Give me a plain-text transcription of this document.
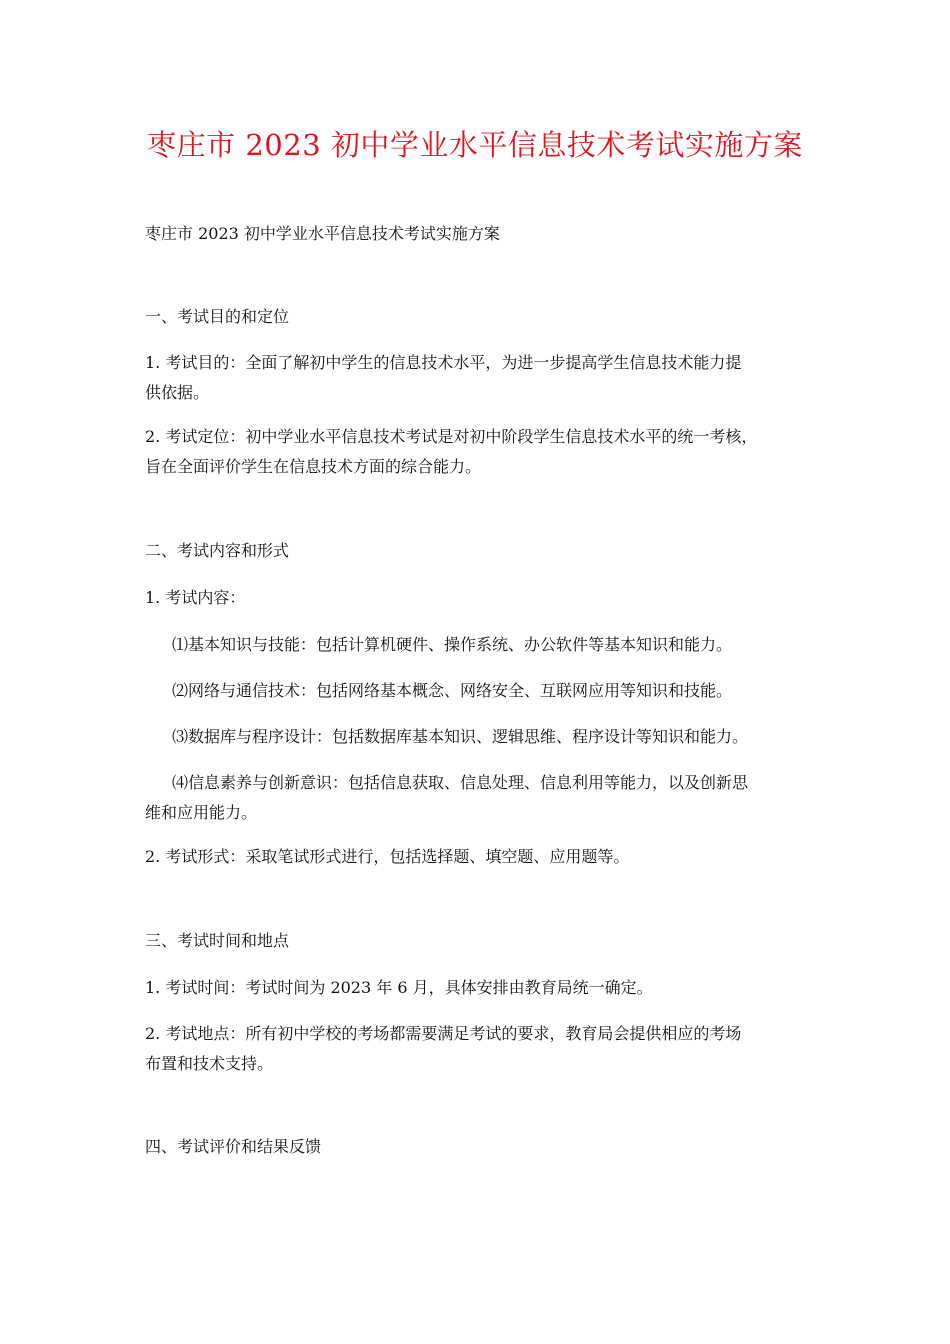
枣庄市 2023 初中学业水平信息技术考试实施方案
枣庄市 2023 初中学业水平信息技术考试实施方案
一、考试目的和定位
1. 考试目的：全面了解初中学生的信息技术水平，为进一步提高学生信息技术能力提
供依据。
2. 考试定位：初中学业水平信息技术考试是对初中阶段学生信息技术水平的统一考核，
旨在全面评价学生在信息技术方面的综合能力。
二、考试内容和形式
1. 考试内容：
⑴基本知识与技能：包括计算机硬件、操作系统、办公软件等基本知识和能力。
⑵网络与通信技术：包括网络基本概念、网络安全、互联网应用等知识和技能。
⑶数据库与程序设计：包括数据库基本知识、逻辑思维、程序设计等知识和能力。
⑷信息素养与创新意识：包括信息获取、信息处理、信息利用等能力，以及创新思
维和应用能力。
2. 考试形式：采取笔试形式进行，包括选择题、填空题、应用题等。
三、考试时间和地点
1. 考试时间：考试时间为 2023 年 6 月，具体安排由教育局统一确定。
2. 考试地点：所有初中学校的考场都需要满足考试的要求，教育局会提供相应的考场
布置和技术支持。
四、考试评价和结果反馈
